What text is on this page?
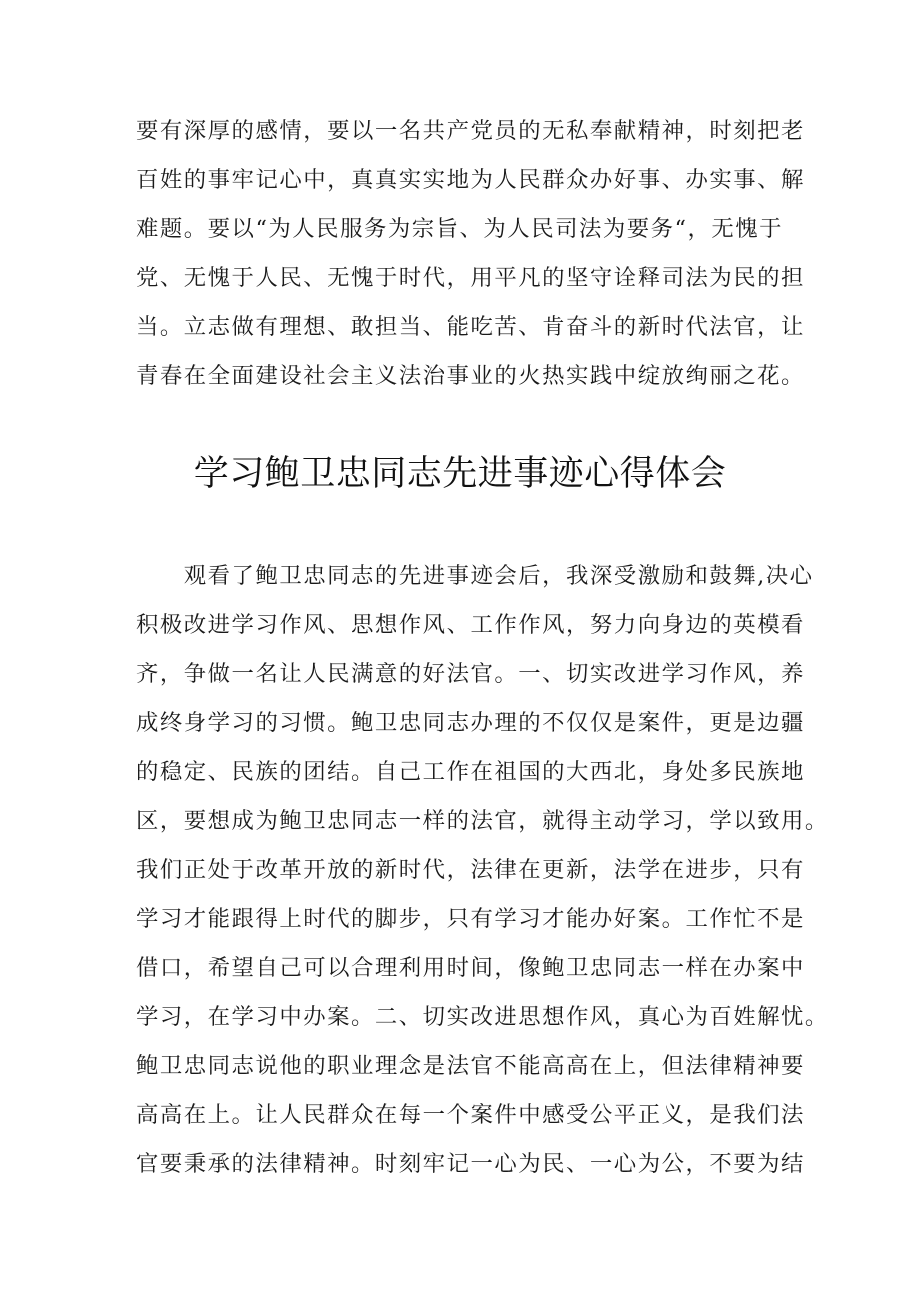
要有深厚的感情，要以一名共产党员的无私奉献精神，时刻把老
百姓的事牢记心中，真真实实地为人民群众办好事、办实事、解
难题。要以“为人民服务为宗旨、为人民司法为要务“，无愧于
党、无愧于人民、无愧于时代，用平凡的坚守诠释司法为民的担
当。立志做有理想、敢担当、能吃苦、肯奋斗的新时代法官，让
青春在全面建设社会主义法治事业的火热实践中绽放绚丽之花。
学习鲍卫忠同志先进事迹心得体会
　　观看了鲍卫忠同志的先进事迹会后，我深受激励和鼓舞,决心
积极改进学习作风、思想作风、工作作风，努力向身边的英模看
齐，争做一名让人民满意的好法官。一、切实改进学习作风，养
成终身学习的习惯。鲍卫忠同志办理的不仅仅是案件，更是边疆
的稳定、民族的团结。自己工作在祖国的大西北，身处多民族地
区，要想成为鲍卫忠同志一样的法官，就得主动学习，学以致用。
我们正处于改革开放的新时代，法律在更新，法学在进步，只有
学习才能跟得上时代的脚步，只有学习才能办好案。工作忙不是
借口，希望自己可以合理利用时间，像鲍卫忠同志一样在办案中
学习，在学习中办案。二、切实改进思想作风，真心为百姓解忧。
鲍卫忠同志说他的职业理念是法官不能高高在上，但法律精神要
高高在上。让人民群众在每一个案件中感受公平正义，是我们法
官要秉承的法律精神。时刻牢记一心为民、一心为公，不要为结
